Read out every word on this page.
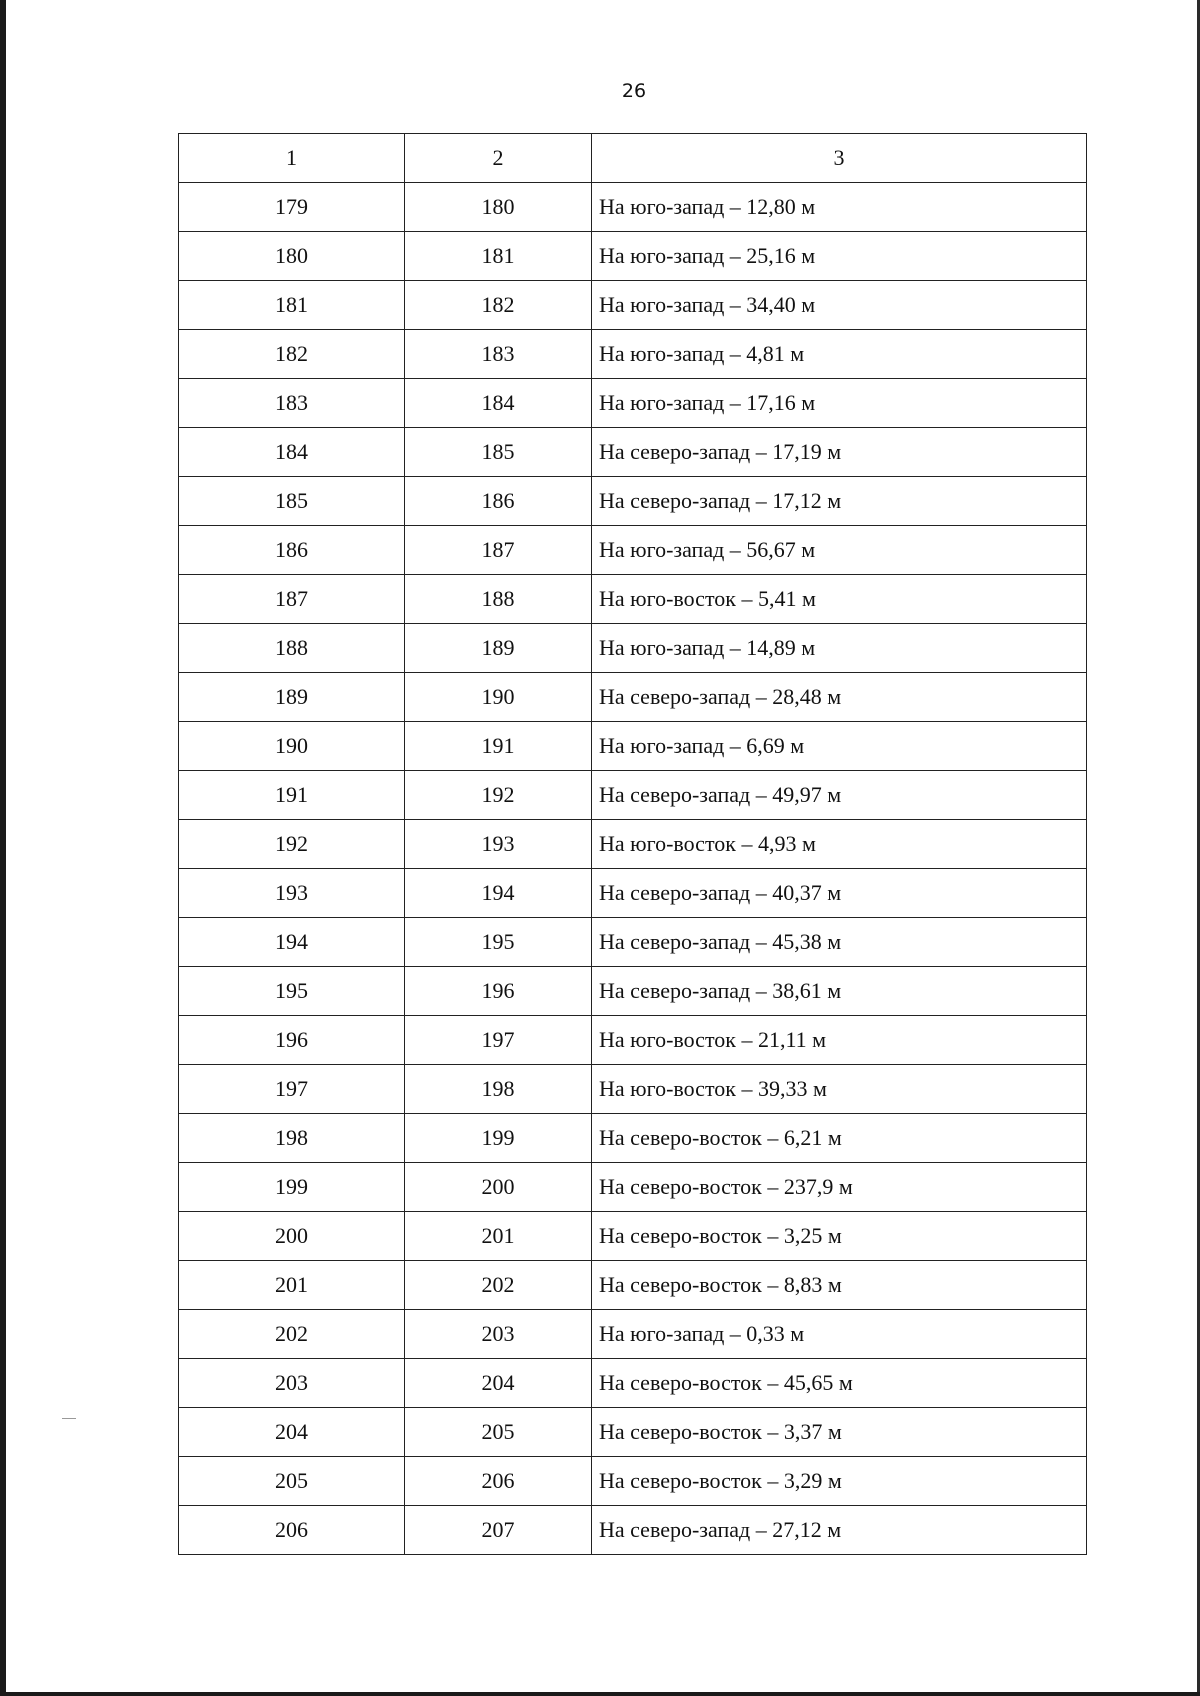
26
1	2	3
179	180	На юго-запад – 12,80 м
180	181	На юго-запад – 25,16 м
181	182	На юго-запад – 34,40 м
182	183	На юго-запад – 4,81 м
183	184	На юго-запад – 17,16 м
184	185	На северо-запад – 17,19 м
185	186	На северо-запад – 17,12 м
186	187	На юго-запад – 56,67 м
187	188	На юго-восток – 5,41 м
188	189	На юго-запад – 14,89 м
189	190	На северо-запад – 28,48 м
190	191	На юго-запад – 6,69 м
191	192	На северо-запад – 49,97 м
192	193	На юго-восток – 4,93 м
193	194	На северо-запад – 40,37 м
194	195	На северо-запад – 45,38 м
195	196	На северо-запад – 38,61 м
196	197	На юго-восток – 21,11 м
197	198	На юго-восток – 39,33 м
198	199	На северо-восток – 6,21 м
199	200	На северо-восток – 237,9 м
200	201	На северо-восток – 3,25 м
201	202	На северо-восток – 8,83 м
202	203	На юго-запад – 0,33 м
203	204	На северо-восток – 45,65 м
204	205	На северо-восток – 3,37 м
205	206	На северо-восток – 3,29 м
206	207	На северо-запад – 27,12 м
